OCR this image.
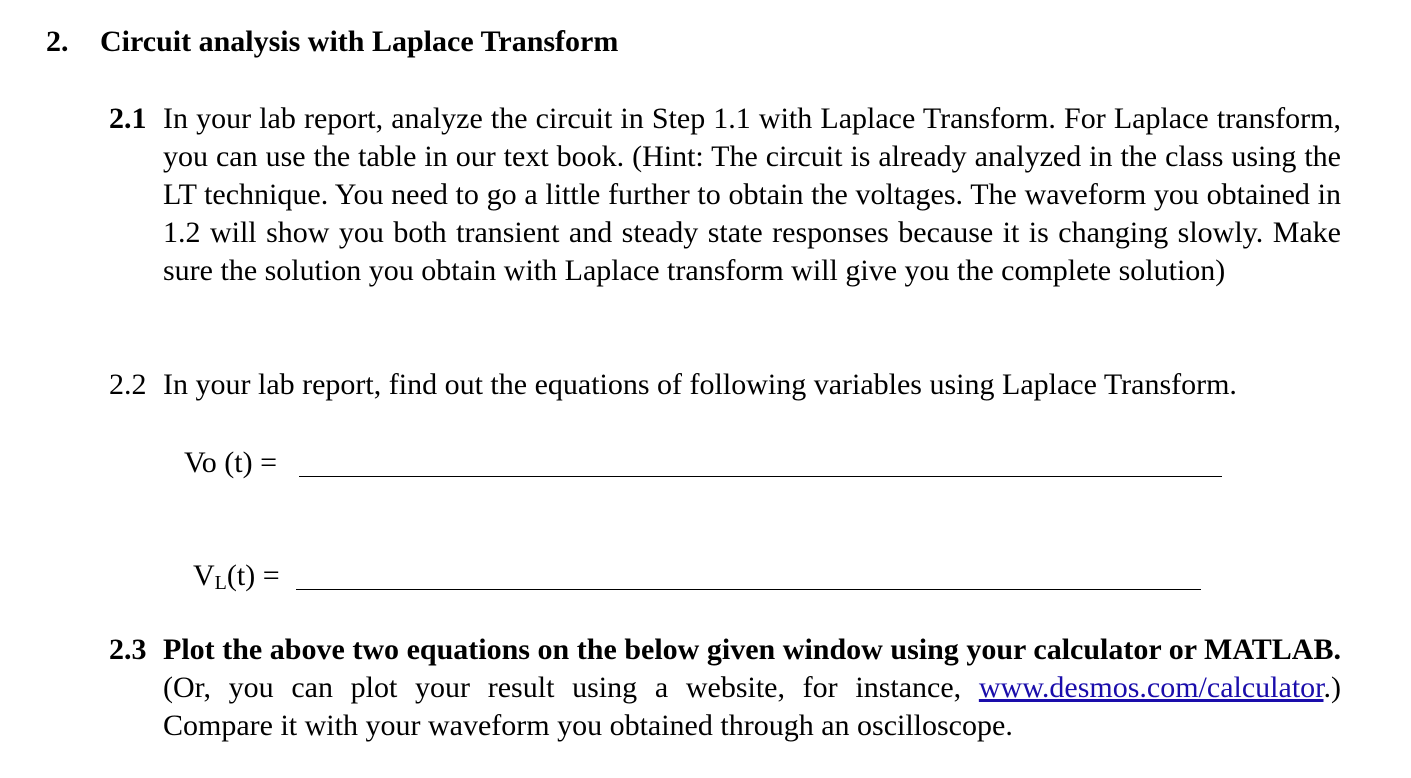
2. Circuit analysis with Laplace Transform
2.1 In your lab report, analyze the circuit in Step 1.1 with Laplace Transform. For Laplace transform, you can use the table in our text book. (Hint: The circuit is already analyzed in the class using the LT technique. You need to go a little further to obtain the voltages. The waveform you obtained in 1.2 will show you both transient and steady state responses because it is changing slowly. Make sure the solution you obtain with Laplace transform will give you the complete solution)
2.2 In your lab report, find out the equations of following variables using Laplace Transform.
Vo (t) =
$V_L(t)$ =
2.3 Plot the above two equations on the below given window using your calculator or MATLAB. (Or, you can plot your result using a website, for instance, www.desmos.com/calculator.) Compare it with your waveform you obtained through an oscilloscope.
